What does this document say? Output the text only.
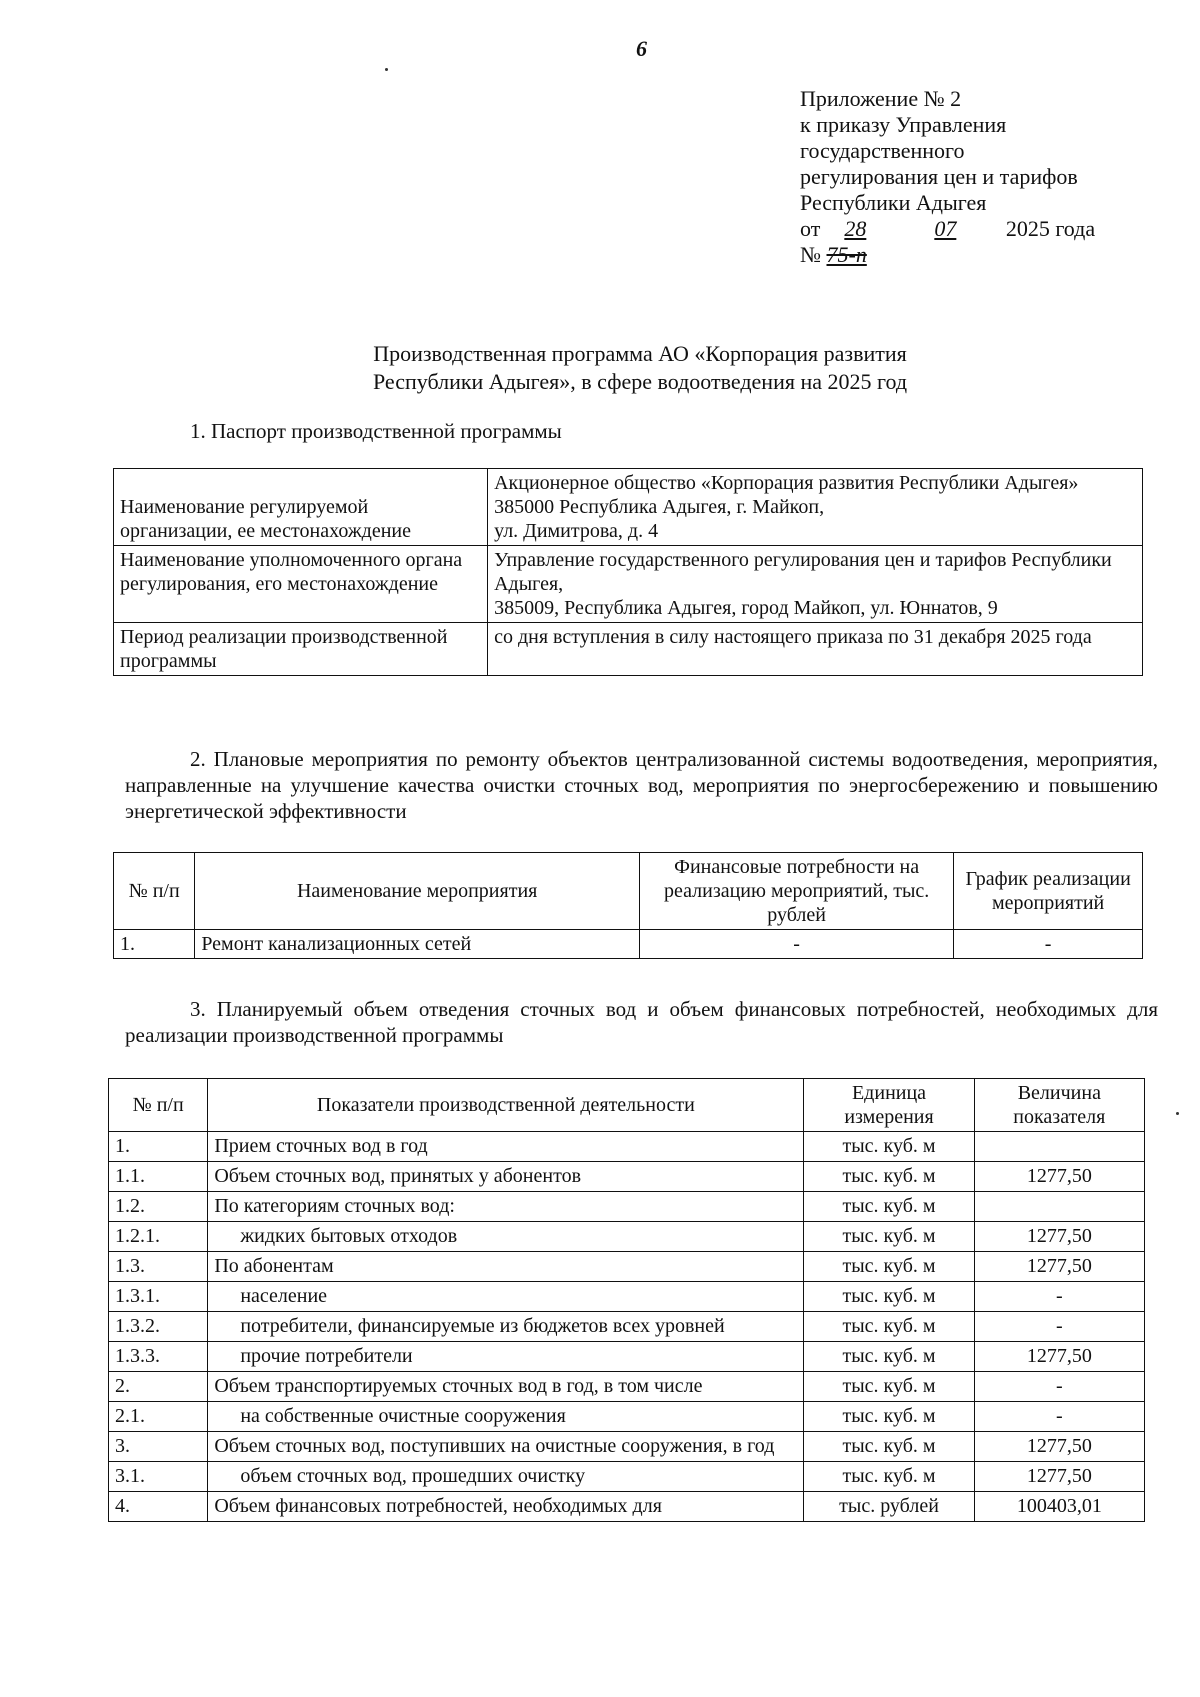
6
Приложение № 2
к приказу Управления
государственного
регулирования цен и тарифов
Республики Адыгея
от 28	07 2025 года
№ 75-п
Производственная программа АО «Корпорация развития
Республики Адыгея», в сфере водоотведения на 2025 год
1. Паспорт производственной программы
Наименование регулируемой организации, ее местонахождение	Акционерное общество «Корпорация развития Республики Адыгея»
385000 Республика Адыгея, г. Майкоп,
ул. Димитрова, д. 4

Наименование уполномоченного органа регулирования, его местонахождение	Управление государственного регулирования цен и тарифов Республики Адыгея,
385009, Республика Адыгея, город Майкоп, ул. Юннатов, 9

Период реализации производственной программы	со дня вступления в силу настоящего приказа по 31 декабря 2025 года
2. Плановые мероприятия по ремонту объектов централизованной системы водоотведения, мероприятия, направленные на улучшение качества очистки сточных вод, мероприятия по энергосбережению и повышению энергетической эффективности
№ п/п	Наименование мероприятия	Финансовые потребности на реализацию мероприятий, тыс. рублей	График реализации мероприятий
1.	Ремонт канализационных сетей	-	-
3. Планируемый объем отведения сточных вод и объем финансовых потребностей, необходимых для реализации производственной программы
№ п/п	Показатели производственной деятельности	Единица измерения	Величина показателя
1.	Прием сточных вод в год	тыс. куб. м	
1.1.	Объем сточных вод, принятых у абонентов	тыс. куб. м	1277,50
1.2.	По категориям сточных вод:	тыс. куб. м	
1.2.1.	жидких бытовых отходов	тыс. куб. м	1277,50
1.3.	По абонентам	тыс. куб. м	1277,50
1.3.1.	население	тыс. куб. м	-
1.3.2.	потребители, финансируемые из бюджетов всех уровней	тыс. куб. м	-
1.3.3.	прочие потребители	тыс. куб. м	1277,50
2.	Объем транспортируемых сточных вод в год, в том числе	тыс. куб. м	-
2.1.	на собственные очистные сооружения	тыс. куб. м	-
3.	Объем сточных вод, поступивших на очистные сооружения, в год	тыс. куб. м	1277,50
3.1.	объем сточных вод, прошедших очистку	тыс. куб. м	1277,50
4.	Объем финансовых потребностей, необходимых для	тыс. рублей	100403,01
